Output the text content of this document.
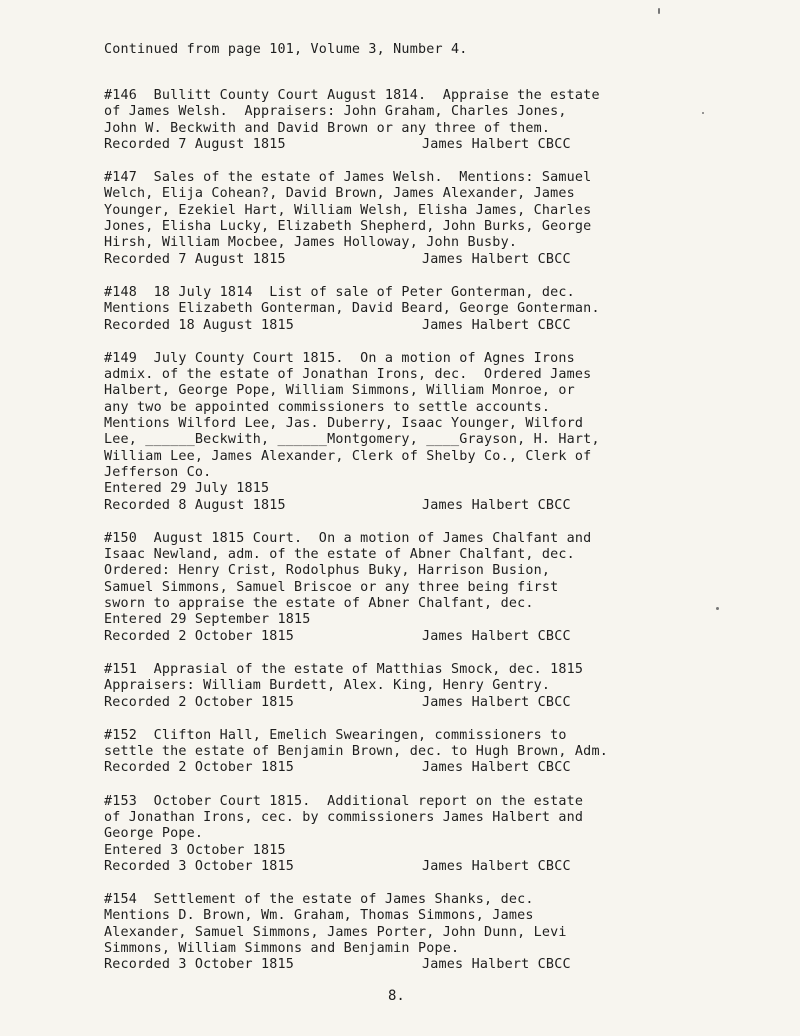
Continued from page 101, Volume 3, Number 4.
#146  Bullitt County Court August 1814.  Appraise the estate
of James Welsh.  Appraisers: John Graham, Charles Jones,
John W. Beckwith and David Brown or any three of them.
Recorded 7 August 1815	James Halbert CBCC
#147  Sales of the estate of James Welsh.  Mentions: Samuel
Welch, Elija Cohean?, David Brown, James Alexander, James
Younger, Ezekiel Hart, William Welsh, Elisha James, Charles
Jones, Elisha Lucky, Elizabeth Shepherd, John Burks, George
Hirsh, William Mocbee, James Holloway, John Busby.
Recorded 7 August 1815	James Halbert CBCC
#148  18 July 1814  List of sale of Peter Gonterman, dec.
Mentions Elizabeth Gonterman, David Beard, George Gonterman.
Recorded 18 August 1815	James Halbert CBCC
#149  July County Court 1815.  On a motion of Agnes Irons
admix. of the estate of Jonathan Irons, dec.  Ordered James
Halbert, George Pope, William Simmons, William Monroe, or
any two be appointed commissioners to settle accounts.
Mentions Wilford Lee, Jas. Duberry, Isaac Younger, Wilford
Lee, ______Beckwith, ______Montgomery, ____Grayson, H. Hart,
William Lee, James Alexander, Clerk of Shelby Co., Clerk of
Jefferson Co.
Entered 29 July 1815
Recorded 8 August 1815	James Halbert CBCC
#150  August 1815 Court.  On a motion of James Chalfant and
Isaac Newland, adm. of the estate of Abner Chalfant, dec.
Ordered: Henry Crist, Rodolphus Buky, Harrison Busion,
Samuel Simmons, Samuel Briscoe or any three being first
sworn to appraise the estate of Abner Chalfant, dec.
Entered 29 September 1815
Recorded 2 October 1815	James Halbert CBCC
#151  Apprasial of the estate of Matthias Smock, dec. 1815
Appraisers: William Burdett, Alex. King, Henry Gentry.
Recorded 2 October 1815	James Halbert CBCC
#152  Clifton Hall, Emelich Swearingen, commissioners to
settle the estate of Benjamin Brown, dec. to Hugh Brown, Adm.
Recorded 2 October 1815	James Halbert CBCC
#153  October Court 1815.  Additional report on the estate
of Jonathan Irons, cec. by commissioners James Halbert and
George Pope.
Entered 3 October 1815
Recorded 3 October 1815	James Halbert CBCC
#154  Settlement of the estate of James Shanks, dec.
Mentions D. Brown, Wm. Graham, Thomas Simmons, James
Alexander, Samuel Simmons, James Porter, John Dunn, Levi
Simmons, William Simmons and Benjamin Pope.
Recorded 3 October 1815	James Halbert CBCC
8.
